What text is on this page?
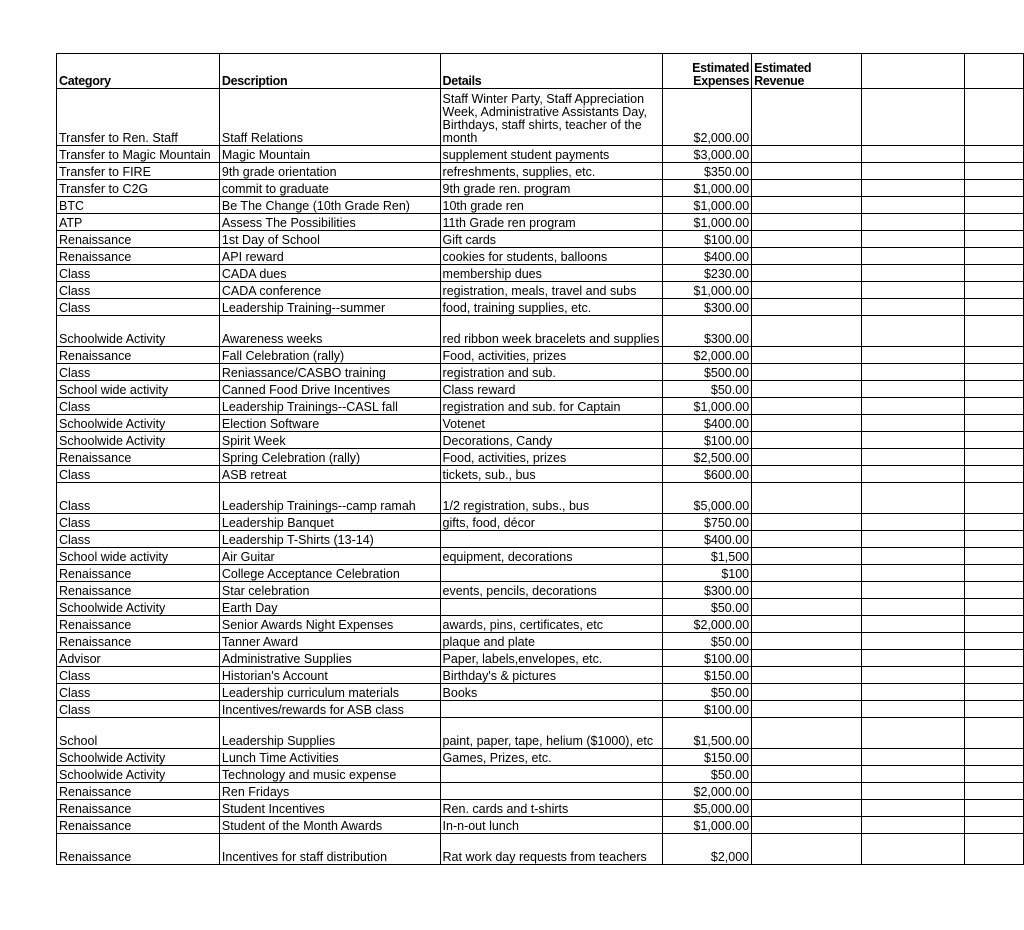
Category	Description	Details	Estimated Expenses	Estimated Revenue		
Transfer to Ren. Staff	Staff Relations	Staff Winter Party, Staff Appreciation Week, Administrative Assistants Day, Birthdays, staff shirts, teacher of the month	$2,000.00			
Transfer to Magic Mountain	Magic Mountain	supplement student payments	$3,000.00			
Transfer to FIRE	9th grade orientation	refreshments, supplies, etc.	$350.00			
Transfer to C2G	commit to graduate	9th grade ren. program	$1,000.00			
BTC	Be The Change (10th Grade Ren)	10th grade ren	$1,000.00			
ATP	Assess The Possibilities	11th Grade ren program	$1,000.00			
Renaissance	1st Day of School	Gift cards	$100.00			
Renaissance	API reward	cookies for students, balloons	$400.00			
Class	CADA dues	membership dues	$230.00			
Class	CADA conference	registration, meals, travel and subs	$1,000.00			
Class	Leadership Training--summer	food, training supplies, etc.	$300.00			
Schoolwide Activity	Awareness weeks	red ribbon week bracelets and supplies	$300.00			
Renaissance	Fall Celebration (rally)	Food, activities, prizes	$2,000.00			
Class	Reniassance/CASBO training	registration and sub.	$500.00			
School wide activity	Canned Food Drive Incentives	Class reward	$50.00			
Class	Leadership Trainings--CASL fall	registration and sub. for Captain	$1,000.00			
Schoolwide Activity	Election Software	Votenet	$400.00			
Schoolwide Activity	Spirit Week	Decorations, Candy	$100.00			
Renaissance	Spring Celebration (rally)	Food, activities, prizes	$2,500.00			
Class	ASB retreat	tickets, sub., bus	$600.00			
Class	Leadership Trainings--camp ramah	1/2 registration, subs., bus	$5,000.00			
Class	Leadership Banquet	gifts, food, décor	$750.00			
Class	Leadership T-Shirts (13-14)		$400.00			
School wide activity	Air Guitar	equipment, decorations	$1,500			
Renaissance	College Acceptance Celebration		$100			
Renaissance	Star celebration	events, pencils, decorations	$300.00			
Schoolwide Activity	Earth Day		$50.00			
Renaissance	Senior Awards Night Expenses	awards, pins, certificates, etc	$2,000.00			
Renaissance	Tanner Award	plaque and plate	$50.00			
Advisor	Administrative Supplies	Paper, labels,envelopes, etc.	$100.00			
Class	Historian's Account	Birthday's & pictures	$150.00			
Class	Leadership curriculum materials	Books	$50.00			
Class	Incentives/rewards for ASB class		$100.00			
School	Leadership Supplies	paint, paper, tape, helium ($1000), etc	$1,500.00			
Schoolwide Activity	Lunch Time Activities	Games, Prizes, etc.	$150.00			
Schoolwide Activity	Technology and music expense		$50.00			
Renaissance	Ren Fridays		$2,000.00			
Renaissance	Student Incentives	Ren. cards and t-shirts	$5,000.00			
Renaissance	Student of the Month Awards	In-n-out lunch	$1,000.00			
Renaissance	Incentives for staff distribution	Rat work day requests from teachers	$2,000			
